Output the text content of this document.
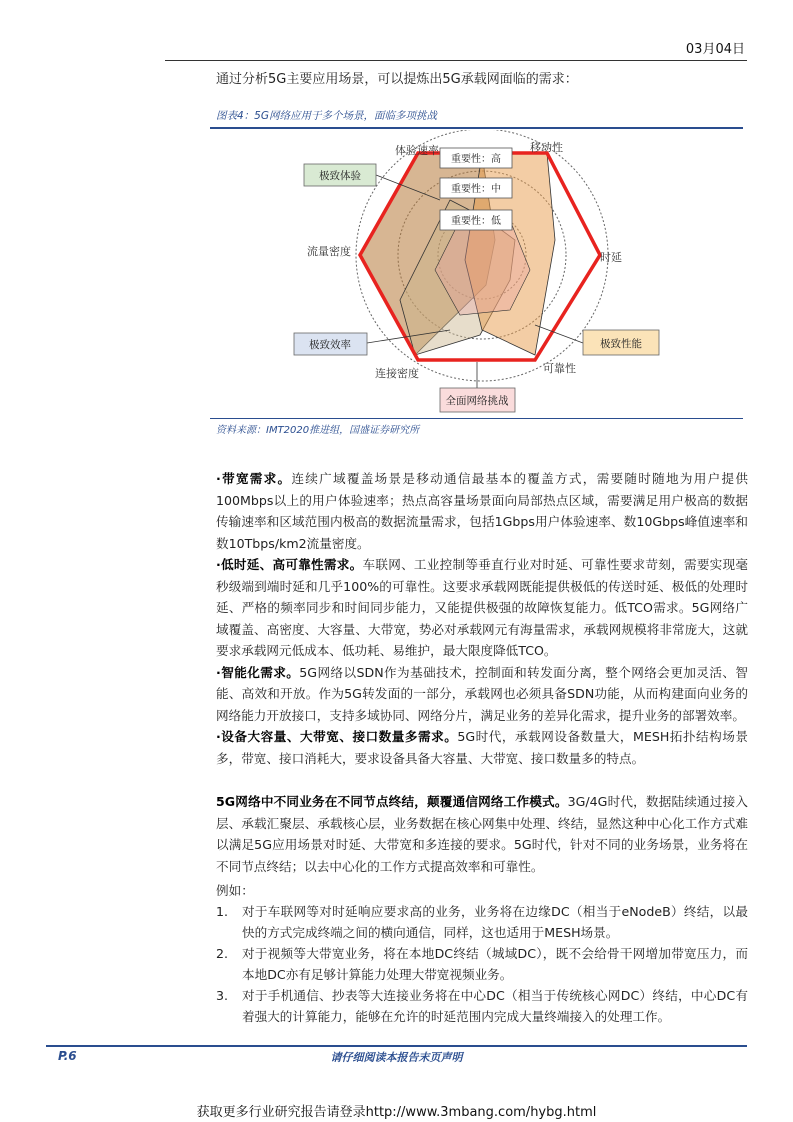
03月04日
通过分析5G主要应用场景，可以提炼出5G承载网面临的需求：
图表4：5G网络应用于多个场景，面临多项挑战
重要性：高
重要性：中
重要性：低
体验速率	移动性
时延
可靠性
连接密度
流量密度
极致体验
极致效率	极致性能
全面网络挑战
资料来源：IMT2020推进组，国盛证券研究所

·带宽需求。连续广域覆盖场景是移动通信最基本的覆盖方式，需要随时随地为用户提供100Mbps以上的用户体验速率；热点高容量场景面向局部热点区域，需要满足用户极高的数据传输速率和区域范围内极高的数据流量需求，包括1Gbps用户体验速率、数10Gbps峰值速率和数10Tbps/km2流量密度。

·低时延、高可靠性需求。车联网、工业控制等垂直行业对时延、可靠性要求苛刻，需要实现毫秒级端到端时延和几乎100%的可靠性。这要求承载网既能提供极低的传送时延、极低的处理时延、严格的频率同步和时间同步能力，又能提供极强的故障恢复能力。低TCO需求。5G网络广域覆盖、高密度、大容量、大带宽，势必对承载网元有海量需求，承载网规模将非常庞大，这就要求承载网元低成本、低功耗、易维护，最大限度降低TCO。

·智能化需求。5G网络以SDN作为基础技术，控制面和转发面分离，整个网络会更加灵活、智能、高效和开放。作为5G转发面的一部分，承载网也必须具备SDN功能，从而构建面向业务的网络能力开放接口，支持多域协同、网络分片，满足业务的差异化需求，提升业务的部署效率。

·设备大容量、大带宽、接口数量多需求。5G时代，承载网设备数量大，MESH拓扑结构场景多，带宽、接口消耗大，要求设备具备大容量、大带宽、接口数量多的特点。

5G网络中不同业务在不同节点终结，颠覆通信网络工作模式。3G/4G时代，数据陆续通过接入层、承载汇聚层、承载核心层，业务数据在核心网集中处理、终结，显然这种中心化工作方式难以满足5G应用场景对时延、大带宽和多连接的要求。5G时代，针对不同的业务场景，业务将在不同节点终结；以去中心化的工作方式提高效率和可靠性。

例如：
1.	对于车联网等对时延响应要求高的业务，业务将在边缘DC（相当于eNodeB）终结，以最快的方式完成终端之间的横向通信，同样，这也适用于MESH场景。
2.	对于视频等大带宽业务，将在本地DC终结（城域DC），既不会给骨干网增加带宽压力，而本地DC亦有足够计算能力处理大带宽视频业务。
3.	对于手机通信、抄表等大连接业务将在中心DC（相当于传统核心网DC）终结，中心DC有着强大的计算能力，能够在允许的时延范围内完成大量终端接入的处理工作。
P.6	请仔细阅读本报告末页声明
获取更多行业研究报告请登录http://www.3mbang.com/hybg.html
